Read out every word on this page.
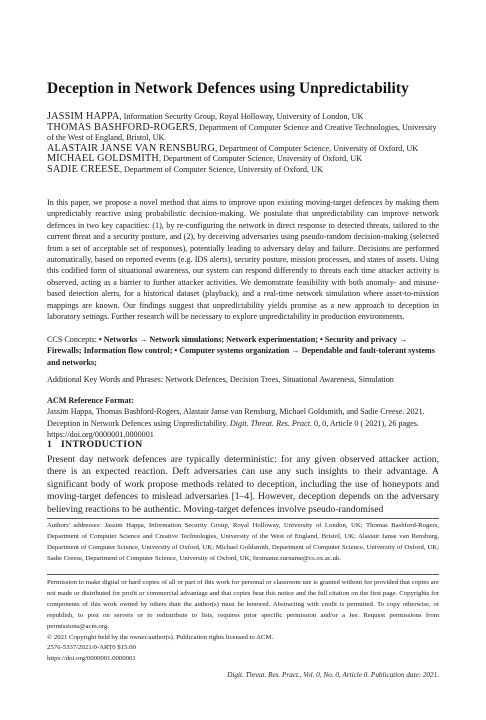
Deception in Network Defences using Unpredictability

JASSIM HAPPA, Information Security Group, Royal Holloway, University of London, UK

THOMAS BASHFORD-ROGERS, Department of Computer Science and Creative Technologies, University of the West of England, Bristol, UK

ALASTAIR JANSE VAN RENSBURG, Department of Computer Science, University of Oxford, UK

MICHAEL GOLDSMITH, Department of Computer Science, University of Oxford, UK

SADIE CREESE, Department of Computer Science, University of Oxford, UK

In this paper, we propose a novel method that aims to improve upon existing moving-target defences by making them unpredictably reactive using probabilistic decision-making. We postulate that unpredictability can improve network defences in two key capacities: (1), by re-configuring the network in direct response to detected threats, tailored to the current threat and a security posture, and (2), by deceiving adversaries using pseudo-random decision-making (selected from a set of acceptable set of responses), potentially leading to adversary delay and failure. Decisions are performed automatically, based on reported events (e.g. IDS alerts), security posture, mission processes, and states of assets. Using this codified form of situational awareness, our system can respond differently to threats each time attacker activity is observed, acting as a barrier to further attacker activities. We demonstrate feasibility with both anomaly- and misuse-based detection alerts, for a historical dataset (playback), and a real-time network simulation where asset-to-mission mappings are known. Our findings suggest that unpredictability yields promise as a new approach to deception in laboratory settings. Further research will be necessary to explore unpredictability in production environments.

CCS Concepts: • Networks → Network simulations; Network experimentation; • Security and privacy → Firewalls; Information flow control; • Computer systems organization → Dependable and fault-tolerant systems and networks;

Additional Key Words and Phrases: Network Defences, Decision Trees, Situational Awareness, Simulation

ACM Reference Format:
Jassim Happa, Thomas Bashford-Rogers, Alastair Janse van Rensburg, Michael Goldsmith, and Sadie Creese. 2021. Deception in Network Defences using Unpredictability. Digit. Threat. Res. Pract. 0, 0, Article 0 ( 2021), 26 pages. https://doi.org/0000001.0000001

1 INTRODUCTION

Present day network defences are typically deterministic: for any given observed attacker action, there is an expected reaction. Deft adversaries can use any such insights to their advantage. A significant body of work propose methods related to deception, including the use of honeypots and moving-target defences to mislead adversaries [1–4]. However, deception depends on the adversary believing reactions to be authentic. Moving-target defences involve pseudo-randomised

Authors' addresses: Jassim Happa, Information Security Group, Royal Holloway, University of London, UK; Thomas Bashford-Rogers, Department of Computer Science and Creative Technologies, University of the West of England, Bristol, UK; Alastair Janse van Rensburg, Department of Computer Science, University of Oxford, UK; Michael Goldsmith, Department of Computer Science, University of Oxford, UK; Sadie Creese, Department of Computer Science, University of Oxford, UK, firstname.surname@cs.ox.ac.uk.

Permission to make digital or hard copies of all or part of this work for personal or classroom use is granted without fee provided that copies are not made or distributed for profit or commercial advantage and that copies bear this notice and the full citation on the first page. Copyrights for components of this work owned by others than the author(s) must be honored. Abstracting with credit is permitted. To copy otherwise, or republish, to post on servers or to redistribute to lists, requires prior specific permission and/or a fee. Request permissions from permissions@acm.org.

© 2021 Copyright held by the owner/author(s). Publication rights licensed to ACM.

2576-5337/2021/0-ART0 $15.00

https://doi.org/0000001.0000001

Digit. Threat. Res. Pract., Vol. 0, No. 0, Article 0. Publication date: 2021.
